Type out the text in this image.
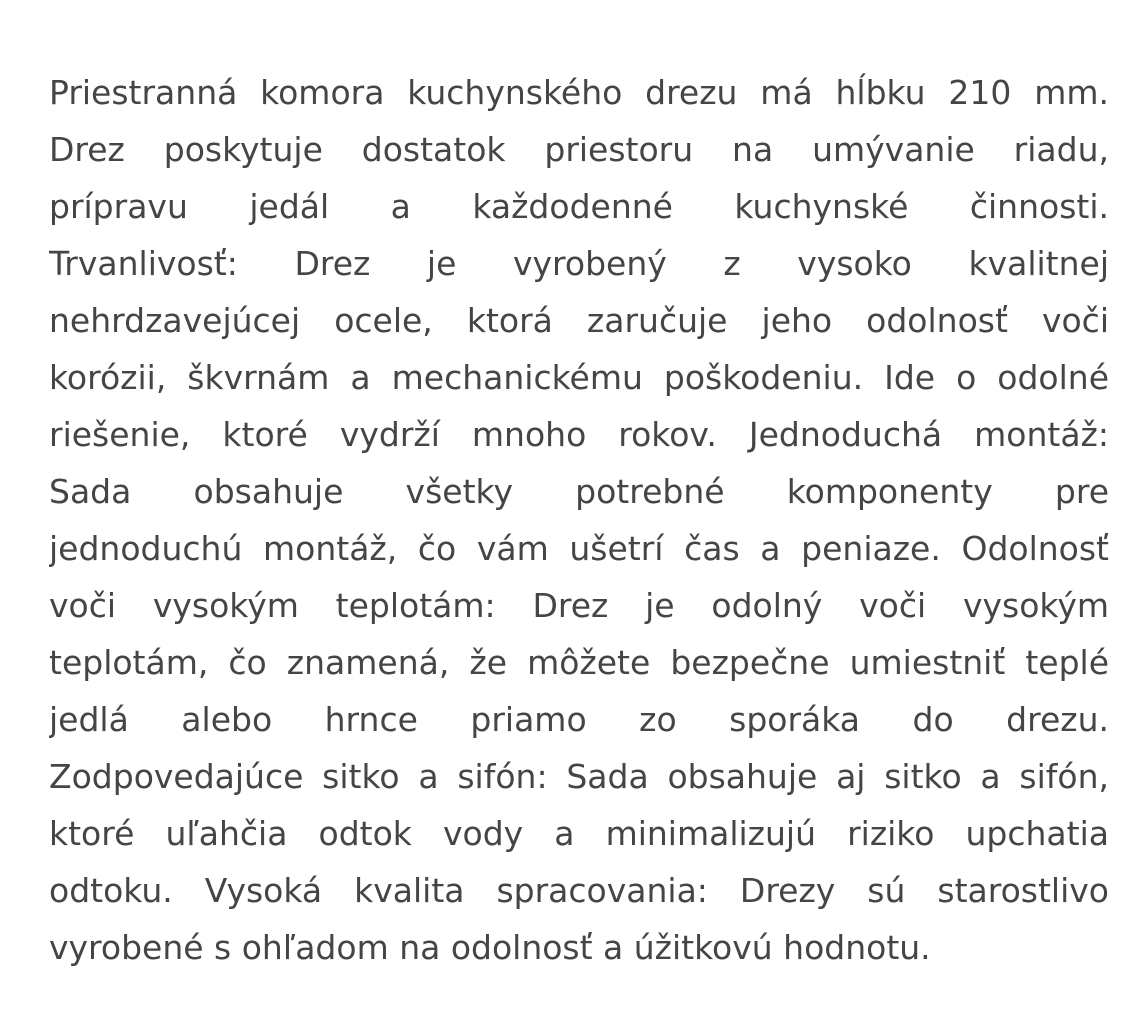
Priestranná komora kuchynského drezu má hĺbku 210 mm.
Drez poskytuje dostatok priestoru na umývanie riadu,
prípravu jedál a každodenné kuchynské činnosti.
Trvanlivosť: Drez je vyrobený z vysoko kvalitnej
nehrdzavejúcej ocele, ktorá zaručuje jeho odolnosť voči
korózii, škvrnám a mechanickému poškodeniu. Ide o odolné
riešenie, ktoré vydrží mnoho rokov. Jednoduchá montáž:
Sada obsahuje všetky potrebné komponenty pre
jednoduchú montáž, čo vám ušetrí čas a peniaze. Odolnosť
voči vysokým teplotám: Drez je odolný voči vysokým
teplotám, čo znamená, že môžete bezpečne umiestniť teplé
jedlá alebo hrnce priamo zo sporáka do drezu.
Zodpovedajúce sitko a sifón: Sada obsahuje aj sitko a sifón,
ktoré uľahčia odtok vody a minimalizujú riziko upchatia
odtoku. Vysoká kvalita spracovania: Drezy sú starostlivo
vyrobené s ohľadom na odolnosť a úžitkovú hodnotu.
